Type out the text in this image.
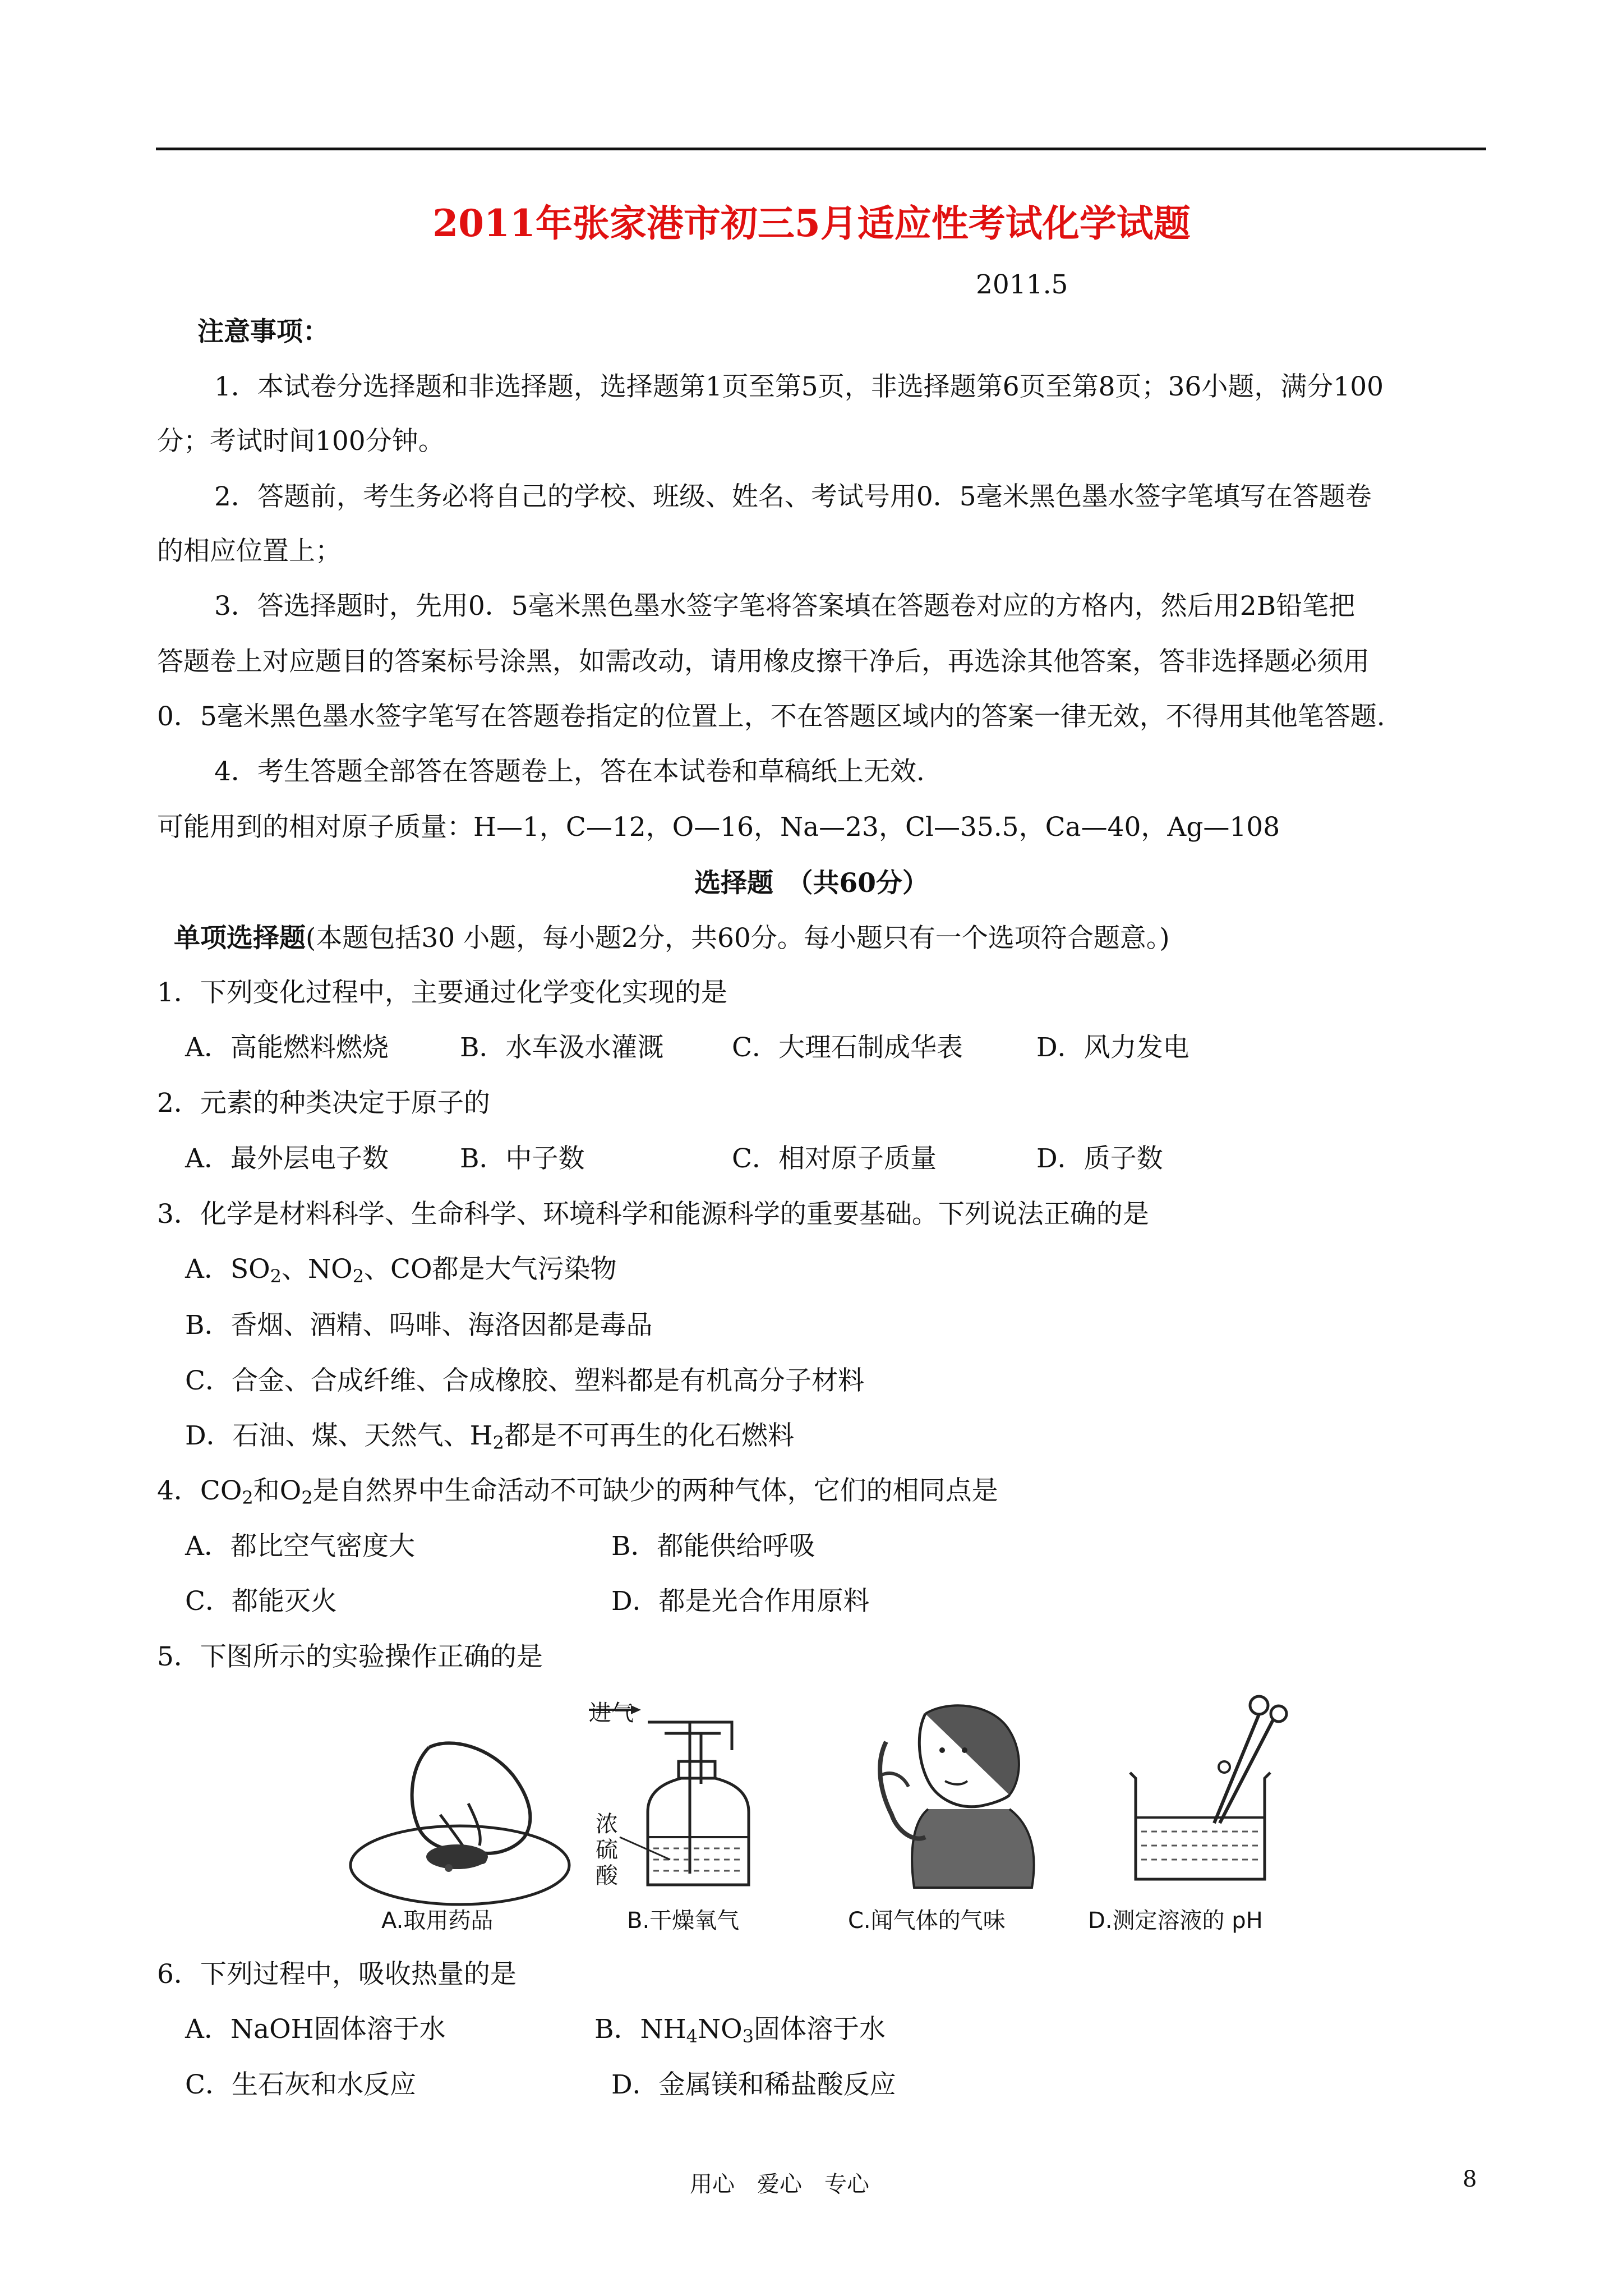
2011年张家港市初三5月适应性考试化学试题
2011.5
注意事项：
1．本试卷分选择题和非选择题，选择题第1页至第5页，非选择题第6页至第8页；36小题，满分100
分；考试时间100分钟。
2．答题前，考生务必将自己的学校、班级、姓名、考试号用0．5毫米黑色墨水签字笔填写在答题卷
的相应位置上；
3．答选择题时，先用0．5毫米黑色墨水签字笔将答案填在答题卷对应的方格内，然后用2B铅笔把
答题卷上对应题目的答案标号涂黑，如需改动，请用橡皮擦干净后，再选涂其他答案，答非选择题必须用
0．5毫米黑色墨水签字笔写在答题卷指定的位置上，不在答题区域内的答案一律无效，不得用其他笔答题.
4．考生答题全部答在答题卷上，答在本试卷和草稿纸上无效.
可能用到的相对原子质量：H—1，C—12，O—16，Na—23，Cl—35.5，Ca—40，Ag—108
选择题　（共60分）
单项选择题(本题包括30 小题，每小题2分，共60分。每小题只有一个选项符合题意。)
1．下列变化过程中，主要通过化学变化实现的是
A．高能燃料燃烧	B．水车汲水灌溉	C．大理石制成华表	D．风力发电
2．元素的种类决定于原子的
A．最外层电子数	B．中子数	C．相对原子质量	D．质子数
3．化学是材料科学、生命科学、环境科学和能源科学的重要基础。下列说法正确的是
A．$SO_2$、$NO_2$、CO都是大气污染物
B．香烟、酒精、吗啡、海洛因都是毒品
C．合金、合成纤维、合成橡胶、塑料都是有机高分子材料
D．石油、煤、天然气、$H_2$都是不可再生的化石燃料
4．$CO_2$和$O_2$是自然界中生命活动不可缺少的两种气体，它们的相同点是
A．都比空气密度大	B．都能供给呼吸
C．都能灭火	D．都是光合作用原料
5．下图所示的实验操作正确的是
A.取用药品
进气
浓
硫
酸
B.干燥氧气	C.闻气体的气味	D.测定溶液的 pH
6．下列过程中，吸收热量的是
A．NaOH固体溶于水	B．$NH_4NO_3$固体溶于水
C．生石灰和水反应	D．金属镁和稀盐酸反应
用心　爱心　专心	8
